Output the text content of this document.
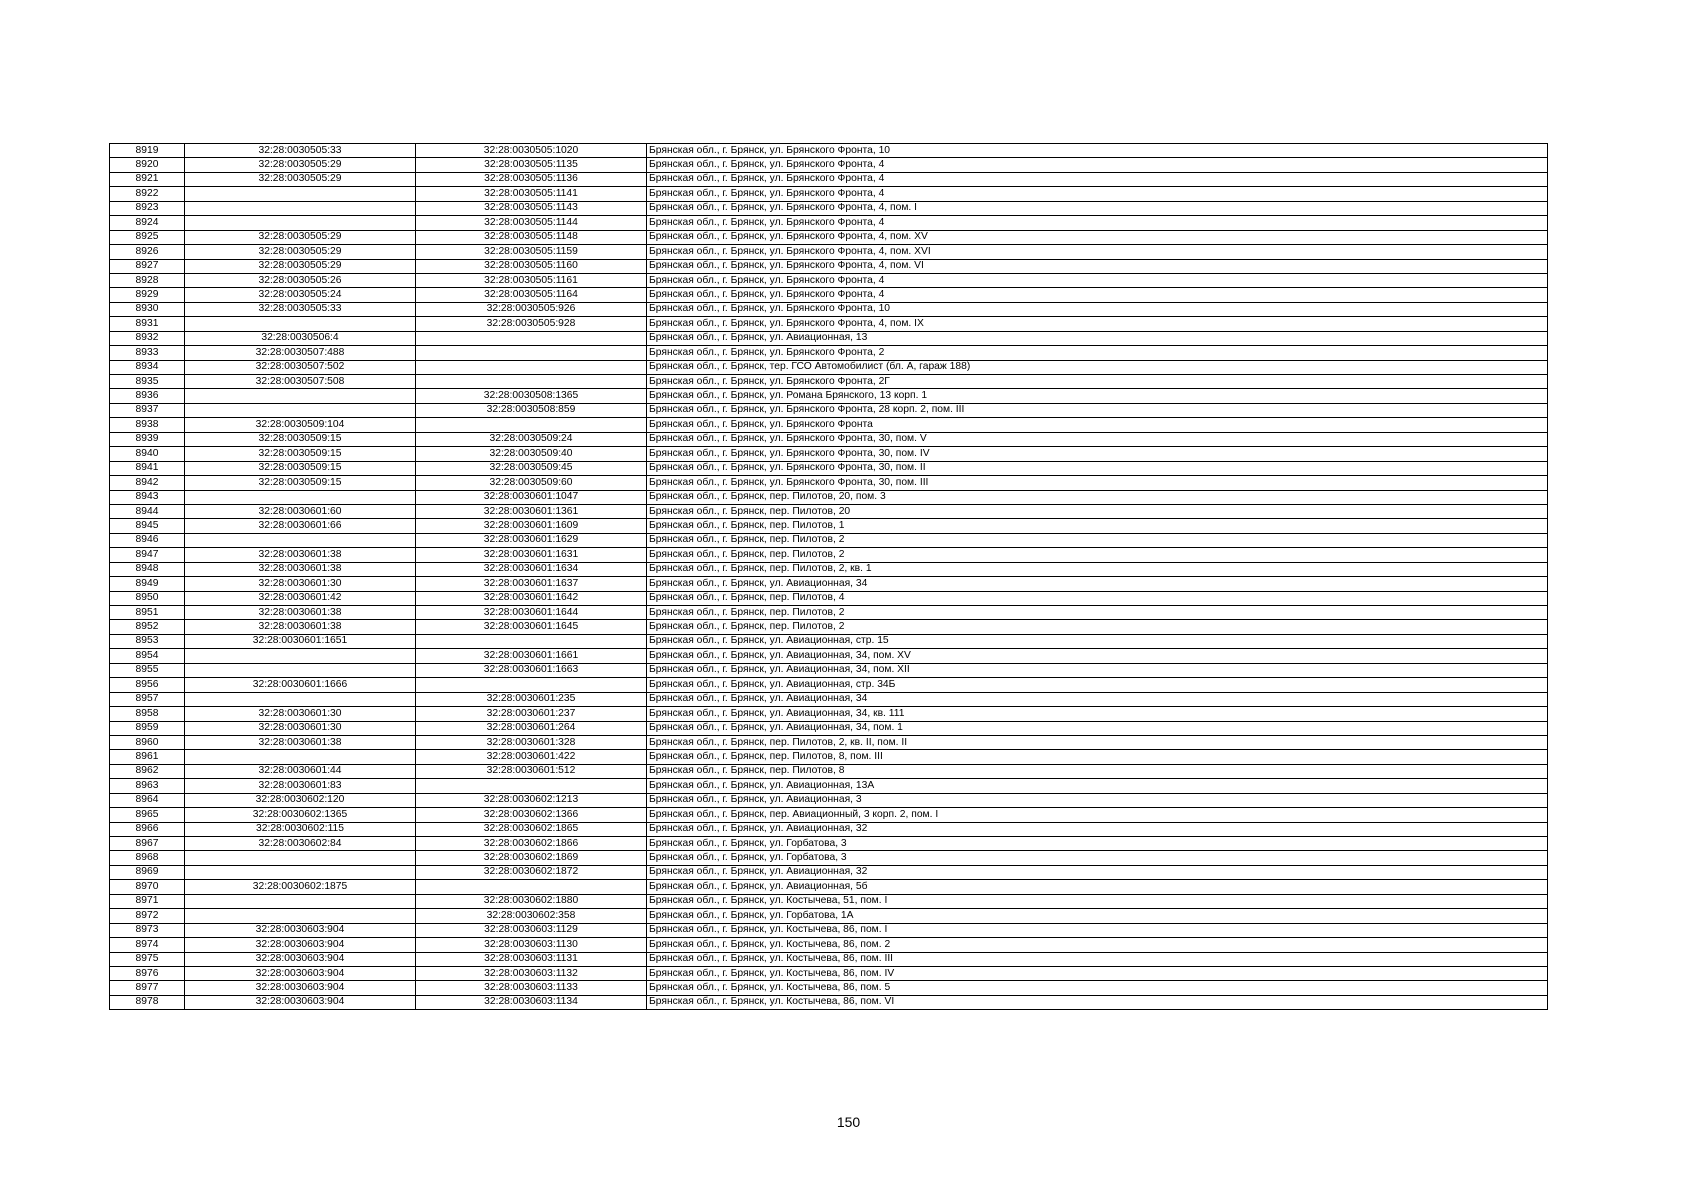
8919	32:28:0030505:33	32:28:0030505:1020	Брянская обл., г. Брянск, ул. Брянского Фронта, 10
8920	32:28:0030505:29	32:28:0030505:1135	Брянская обл., г. Брянск, ул. Брянского Фронта, 4
8921	32:28:0030505:29	32:28:0030505:1136	Брянская обл., г. Брянск, ул. Брянского Фронта, 4
8922		32:28:0030505:1141	Брянская обл., г. Брянск, ул. Брянского Фронта, 4
8923		32:28:0030505:1143	Брянская обл., г. Брянск, ул. Брянского Фронта, 4, пом. I
8924		32:28:0030505:1144	Брянская обл., г. Брянск, ул. Брянского Фронта, 4
8925	32:28:0030505:29	32:28:0030505:1148	Брянская обл., г. Брянск, ул. Брянского Фронта, 4, пом. XV
8926	32:28:0030505:29	32:28:0030505:1159	Брянская обл., г. Брянск, ул. Брянского Фронта, 4, пом. XVI
8927	32:28:0030505:29	32:28:0030505:1160	Брянская обл., г. Брянск, ул. Брянского Фронта, 4, пом. VI
8928	32:28:0030505:26	32:28:0030505:1161	Брянская обл., г. Брянск, ул. Брянского Фронта, 4
8929	32:28:0030505:24	32:28:0030505:1164	Брянская обл., г. Брянск, ул. Брянского Фронта, 4
8930	32:28:0030505:33	32:28:0030505:926	Брянская обл., г. Брянск, ул. Брянского Фронта, 10
8931		32:28:0030505:928	Брянская обл., г. Брянск, ул. Брянского Фронта, 4, пом. IX
8932	32:28:0030506:4		Брянская обл., г. Брянск, ул. Авиационная, 13
8933	32:28:0030507:488		Брянская обл., г. Брянск, ул. Брянского Фронта, 2
8934	32:28:0030507:502		Брянская обл., г. Брянск, тер. ГСО Автомобилист (бл. А, гараж 188)
8935	32:28:0030507:508		Брянская обл., г. Брянск, ул. Брянского Фронта, 2Г
8936		32:28:0030508:1365	Брянская обл., г. Брянск, ул. Романа Брянского, 13 корп. 1
8937		32:28:0030508:859	Брянская обл., г. Брянск, ул. Брянского Фронта, 28 корп. 2, пом. III
8938	32:28:0030509:104		Брянская обл., г. Брянск, ул. Брянского Фронта
8939	32:28:0030509:15	32:28:0030509:24	Брянская обл., г. Брянск, ул. Брянского Фронта, 30, пом. V
8940	32:28:0030509:15	32:28:0030509:40	Брянская обл., г. Брянск, ул. Брянского Фронта, 30, пом. IV
8941	32:28:0030509:15	32:28:0030509:45	Брянская обл., г. Брянск, ул. Брянского Фронта, 30, пом. II
8942	32:28:0030509:15	32:28:0030509:60	Брянская обл., г. Брянск, ул. Брянского Фронта, 30, пом. III
8943		32:28:0030601:1047	Брянская обл., г. Брянск, пер. Пилотов, 20, пом. 3
8944	32:28:0030601:60	32:28:0030601:1361	Брянская обл., г. Брянск, пер. Пилотов, 20
8945	32:28:0030601:66	32:28:0030601:1609	Брянская обл., г. Брянск, пер. Пилотов, 1
8946		32:28:0030601:1629	Брянская обл., г. Брянск, пер. Пилотов, 2
8947	32:28:0030601:38	32:28:0030601:1631	Брянская обл., г. Брянск, пер. Пилотов, 2
8948	32:28:0030601:38	32:28:0030601:1634	Брянская обл., г. Брянск, пер. Пилотов, 2, кв. 1
8949	32:28:0030601:30	32:28:0030601:1637	Брянская обл., г. Брянск, ул. Авиационная, 34
8950	32:28:0030601:42	32:28:0030601:1642	Брянская обл., г. Брянск, пер. Пилотов, 4
8951	32:28:0030601:38	32:28:0030601:1644	Брянская обл., г. Брянск, пер. Пилотов, 2
8952	32:28:0030601:38	32:28:0030601:1645	Брянская обл., г. Брянск, пер. Пилотов, 2
8953	32:28:0030601:1651		Брянская обл., г. Брянск, ул. Авиационная, стр. 15
8954		32:28:0030601:1661	Брянская обл., г. Брянск, ул. Авиационная, 34, пом. XV
8955		32:28:0030601:1663	Брянская обл., г. Брянск, ул. Авиационная, 34, пом. XII
8956	32:28:0030601:1666		Брянская обл., г. Брянск, ул. Авиационная, стр. 34Б
8957		32:28:0030601:235	Брянская обл., г. Брянск, ул. Авиационная, 34
8958	32:28:0030601:30	32:28:0030601:237	Брянская обл., г. Брянск, ул. Авиационная, 34, кв. 111
8959	32:28:0030601:30	32:28:0030601:264	Брянская обл., г. Брянск, ул. Авиационная, 34, пом. 1
8960	32:28:0030601:38	32:28:0030601:328	Брянская обл., г. Брянск, пер. Пилотов, 2, кв. II, пом. II
8961		32:28:0030601:422	Брянская обл., г. Брянск, пер. Пилотов, 8, пом. III
8962	32:28:0030601:44	32:28:0030601:512	Брянская обл., г. Брянск, пер. Пилотов, 8
8963	32:28:0030601:83		Брянская обл., г. Брянск, ул. Авиационная, 13А
8964	32:28:0030602:120	32:28:0030602:1213	Брянская обл., г. Брянск, ул. Авиационная, 3
8965	32:28:0030602:1365	32:28:0030602:1366	Брянская обл., г. Брянск, пер. Авиационный, 3 корп. 2, пом. I
8966	32:28:0030602:115	32:28:0030602:1865	Брянская обл., г. Брянск, ул. Авиационная, 32
8967	32:28:0030602:84	32:28:0030602:1866	Брянская обл., г. Брянск, ул. Горбатова, 3
8968		32:28:0030602:1869	Брянская обл., г. Брянск, ул. Горбатова, 3
8969		32:28:0030602:1872	Брянская обл., г. Брянск, ул. Авиационная, 32
8970	32:28:0030602:1875		Брянская обл., г. Брянск, ул. Авиационная, 5б
8971		32:28:0030602:1880	Брянская обл., г. Брянск, ул. Костычева, 51, пом. I
8972		32:28:0030602:358	Брянская обл., г. Брянск, ул. Горбатова, 1А
8973	32:28:0030603:904	32:28:0030603:1129	Брянская обл., г. Брянск, ул. Костычева, 86, пом. I
8974	32:28:0030603:904	32:28:0030603:1130	Брянская обл., г. Брянск, ул. Костычева, 86, пом. 2
8975	32:28:0030603:904	32:28:0030603:1131	Брянская обл., г. Брянск, ул. Костычева, 86, пом. III
8976	32:28:0030603:904	32:28:0030603:1132	Брянская обл., г. Брянск, ул. Костычева, 86, пом. IV
8977	32:28:0030603:904	32:28:0030603:1133	Брянская обл., г. Брянск, ул. Костычева, 86, пом. 5
8978	32:28:0030603:904	32:28:0030603:1134	Брянская обл., г. Брянск, ул. Костычева, 86, пом. VI
150
